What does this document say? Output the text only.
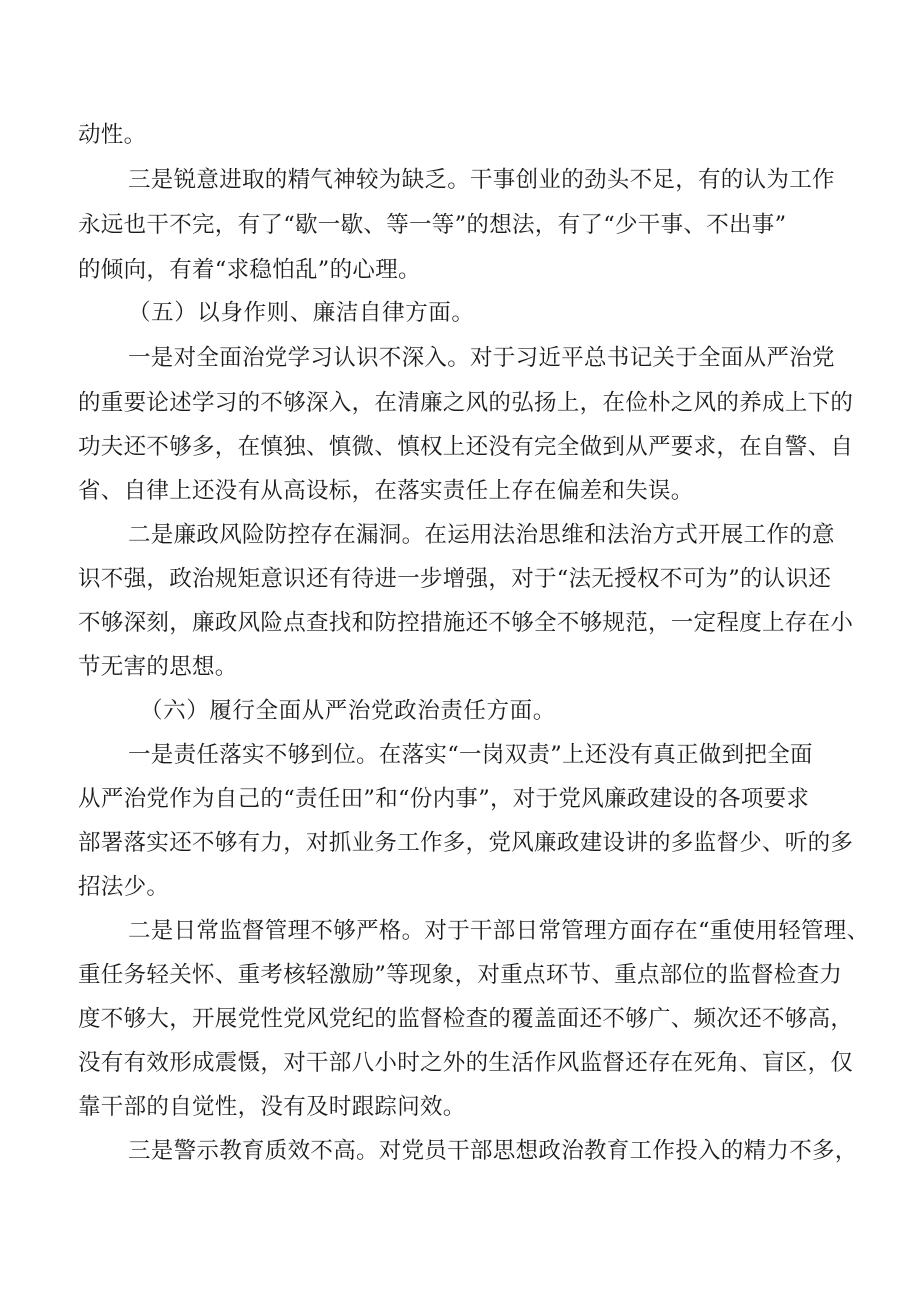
动性。
三是锐意进取的精气神较为缺乏。干事创业的劲头不足，有的认为工作
永远也干不完，有了“歇一歇、等一等”的想法，有了“少干事、不出事”
的倾向，有着“求稳怕乱”的心理。
（五）以身作则、廉洁自律方面。
一是对全面治党学习认识不深入。对于习近平总书记关于全面从严治党
的重要论述学习的不够深入，在清廉之风的弘扬上，在俭朴之风的养成上下的
功夫还不够多，在慎独、慎微、慎权上还没有完全做到从严要求，在自警、自
省、自律上还没有从高设标，在落实责任上存在偏差和失误。
二是廉政风险防控存在漏洞。在运用法治思维和法治方式开展工作的意
识不强，政治规矩意识还有待进一步增强，对于“法无授权不可为”的认识还
不够深刻，廉政风险点查找和防控措施还不够全不够规范，一定程度上存在小
节无害的思想。
（六）履行全面从严治党政治责任方面。
一是责任落实不够到位。在落实“一岗双责”上还没有真正做到把全面
从严治党作为自己的“责任田”和“份内事”，对于党风廉政建设的各项要求
部署落实还不够有力，对抓业务工作多，党风廉政建设讲的多监督少、听的多
招法少。
二是日常监督管理不够严格。对于干部日常管理方面存在“重使用轻管理、
重任务轻关怀、重考核轻激励”等现象，对重点环节、重点部位的监督检查力
度不够大，开展党性党风党纪的监督检查的覆盖面还不够广、频次还不够高，
没有有效形成震慑，对干部八小时之外的生活作风监督还存在死角、盲区，仅
靠干部的自觉性，没有及时跟踪问效。
三是警示教育质效不高。对党员干部思想政治教育工作投入的精力不多，
